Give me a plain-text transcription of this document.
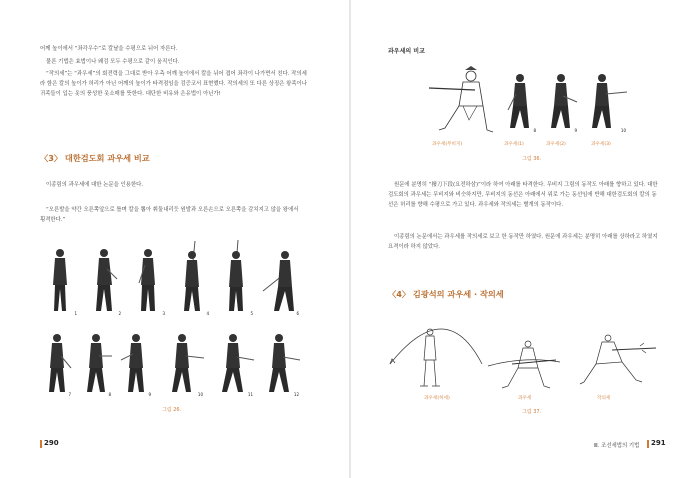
어께 높이에서 “좌각우수”로 칼날을 수평으로 뉘어 자른다.

물론 기법은 효법이나 왜검 모두 수평으로 같이 움직인다.

“작의세”는 “과우세”의 회전력을 그대로 받아 우측 어깨 높이에서 칼을 뉘어 겹어 좌각이 나가면서 친다. 작의세라 함은 칼의 높이가 허리가 아닌 어깨의 높이가 타격점임을 검증코서 표현했다. 작의세의 또 다른 상징은 왕족이나 귀족들이 입는 옷의 풍성한 옷소매를 뜻한다. 대단한 비유와 은유법이 아닌가!

〈3〉 대한검도회 과우세 비교

이종림의 과우세에 대한 논문을 인용한다.

“오른발을 약간 오른쪽앞으로 틀며 칼을 뽑아 휘둘내리듯 원발과 오른손으로 오른쪽을 감치지고 않을 왕에서 횡격한다.”

1	2	3	4	5	6
7	8	9	10	11	12
그림 26.
290
과우세의 비교
8	9	10
과우세(무비지)	과우세(1)	과우세(2)	과우세(3)
그림 36.

원문에 분명히 “撥刀下段(요전하삼)”이라 하여 아래를 타격한다. 무비지 그림의 동작도 아래를 향하고 있다. 대한검도회의 과우세는 무비지와 비슷하지만, 무비지의 동선은 아래에서 위로 가는 동선임에 반해 대한검도회의 칼의 동선은 허리를 향해 수평으로 가고 있다. 과우세와 작의세는 별개의 동작이다.

이종림의 논문에서는 과우세를 작의세로 보고 한 동작만 하였다. 원문에 과우세는 분명히 아래를 상하라고 하였지 요격이라 하지 않았다.

〈4〉 김광석의 과우세 · 작의세
과우세(허세)	과우세	작의세
그림 37.
Ⅲ. 조선세법의 기법 291
